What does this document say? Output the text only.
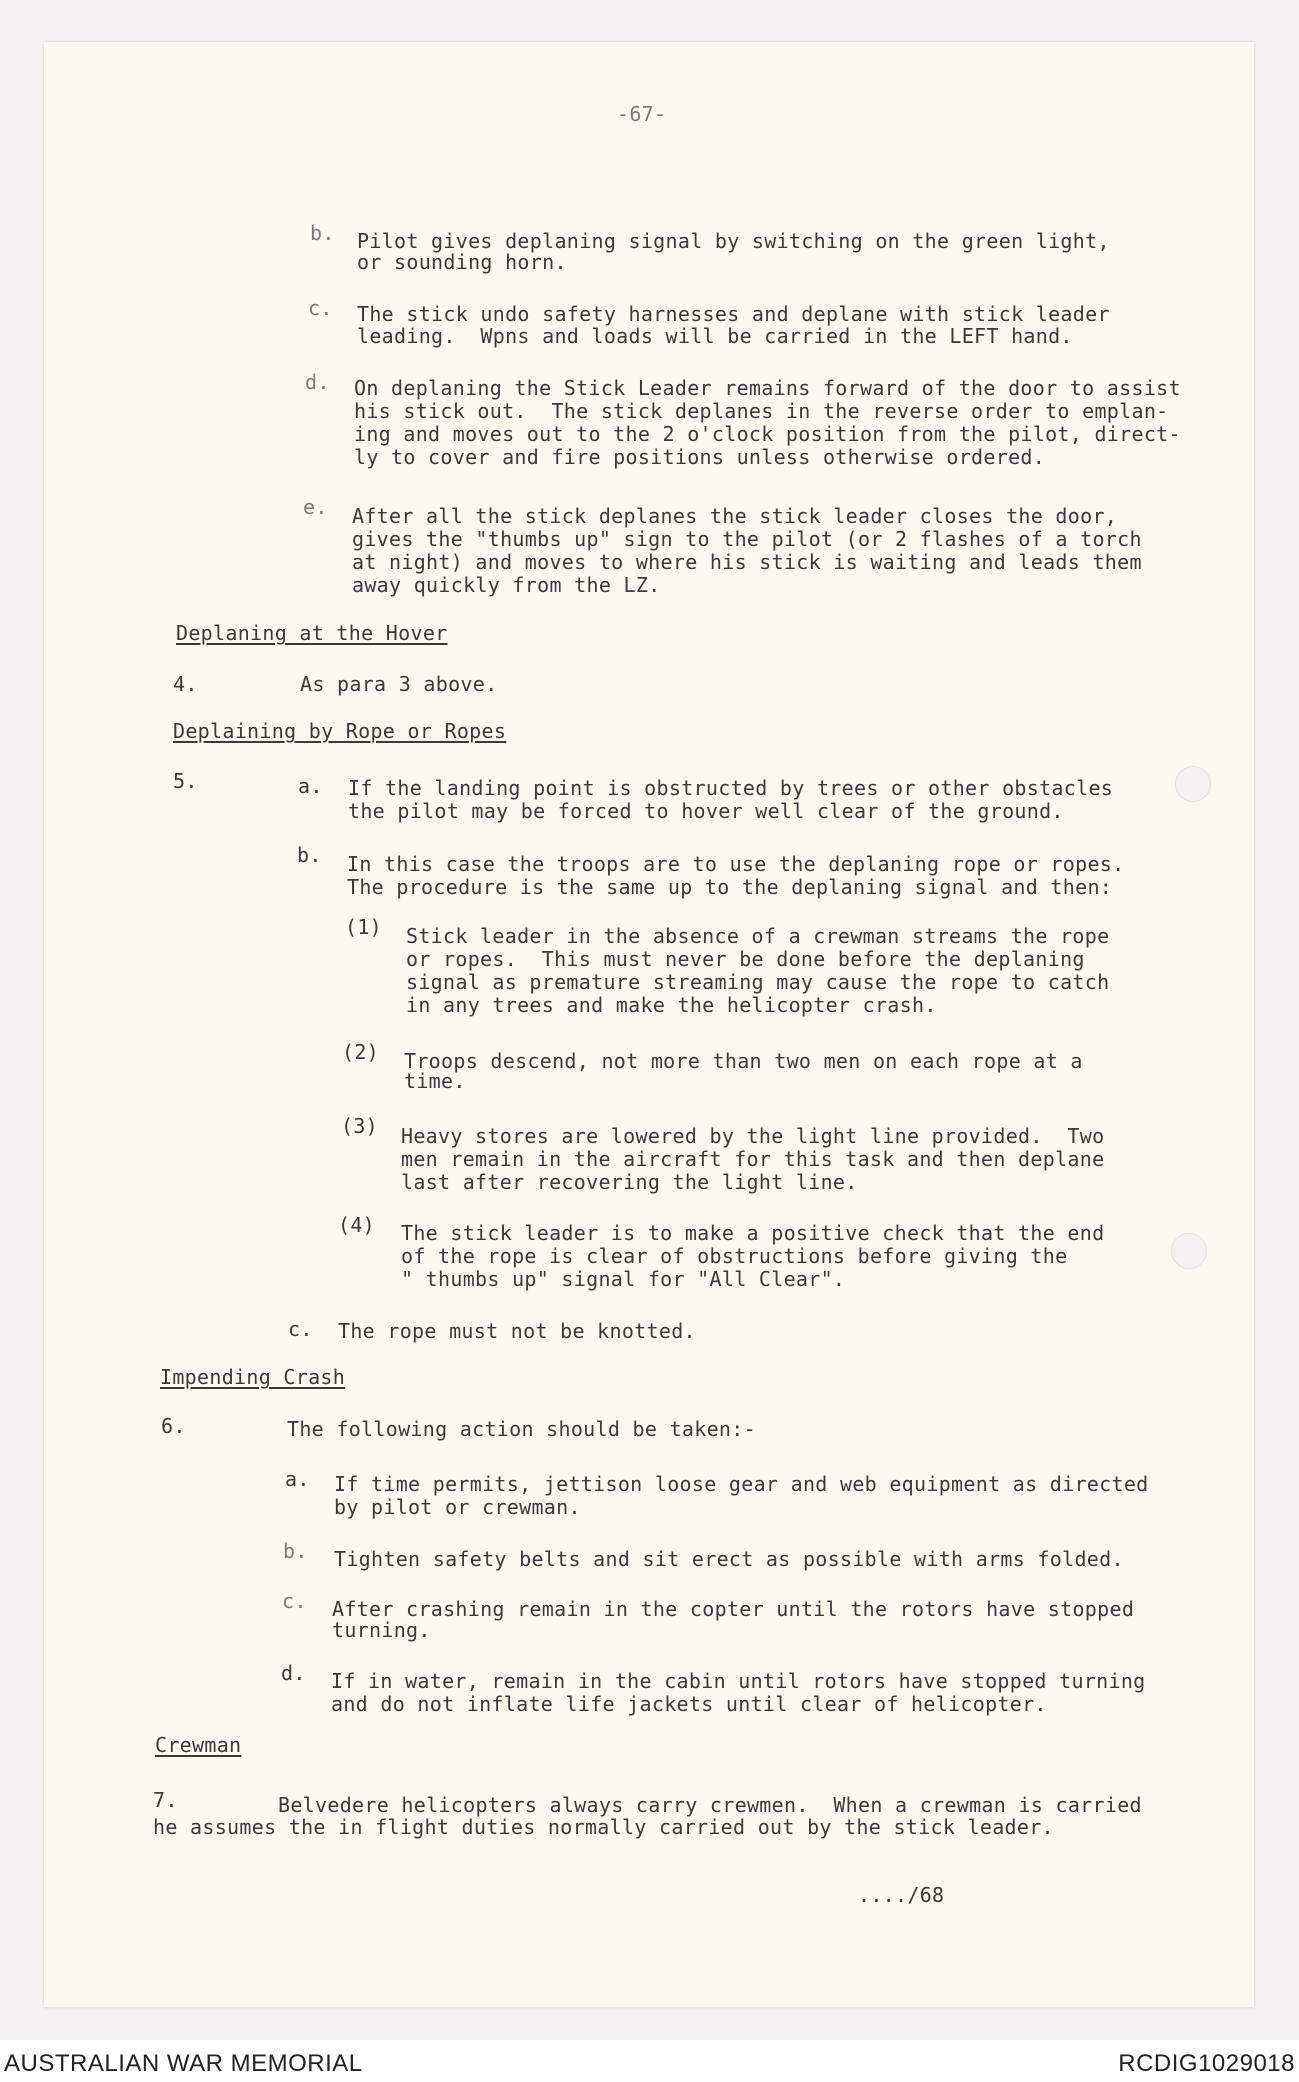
-67-
b. Pilot gives deplaning signal by switching on the green light,
or sounding horn.
c. The stick undo safety harnesses and deplane with stick leader
leading.  Wpns and loads will be carried in the LEFT hand.
d. On deplaning the Stick Leader remains forward of the door to assist
his stick out.  The stick deplanes in the reverse order to emplan-
ing and moves out to the 2 o'clock position from the pilot, direct-
ly to cover and fire positions unless otherwise ordered.
e. After all the stick deplanes the stick leader closes the door,
gives the "thumbs up" sign to the pilot (or 2 flashes of a torch
at night) and moves to where his stick is waiting and leads them
away quickly from the LZ.
Deplaning at the Hover
4.	As para 3 above.
Deplaining by Rope or Ropes
5.	a. If the landing point is obstructed by trees or other obstacles
the pilot may be forced to hover well clear of the ground.
b. In this case the troops are to use the deplaning rope or ropes.
The procedure is the same up to the deplaning signal and then:
(1) Stick leader in the absence of a crewman streams the rope
or ropes.  This must never be done before the deplaning
signal as premature streaming may cause the rope to catch
in any trees and make the helicopter crash.
(2) Troops descend, not more than two men on each rope at a
time.
(3) Heavy stores are lowered by the light line provided.  Two
men remain in the aircraft for this task and then deplane
last after recovering the light line.
(4) The stick leader is to make a positive check that the end
of the rope is clear of obstructions before giving the
" thumbs up" signal for "All Clear".
c. The rope must not be knotted.
Impending Crash
6.	The following action should be taken:-
a. If time permits, jettison loose gear and web equipment as directed
by pilot or crewman.
b. Tighten safety belts and sit erect as possible with arms folded.
c. After crashing remain in the copter until the rotors have stopped
turning.
d. If in water, remain in the cabin until rotors have stopped turning
and do not inflate life jackets until clear of helicopter.
Crewman
7.	Belvedere helicopters always carry crewmen.  When a crewman is carried
he assumes the in flight duties normally carried out by the stick leader.
..../68
AUSTRALIAN WAR MEMORIAL	RCDIG1029018
